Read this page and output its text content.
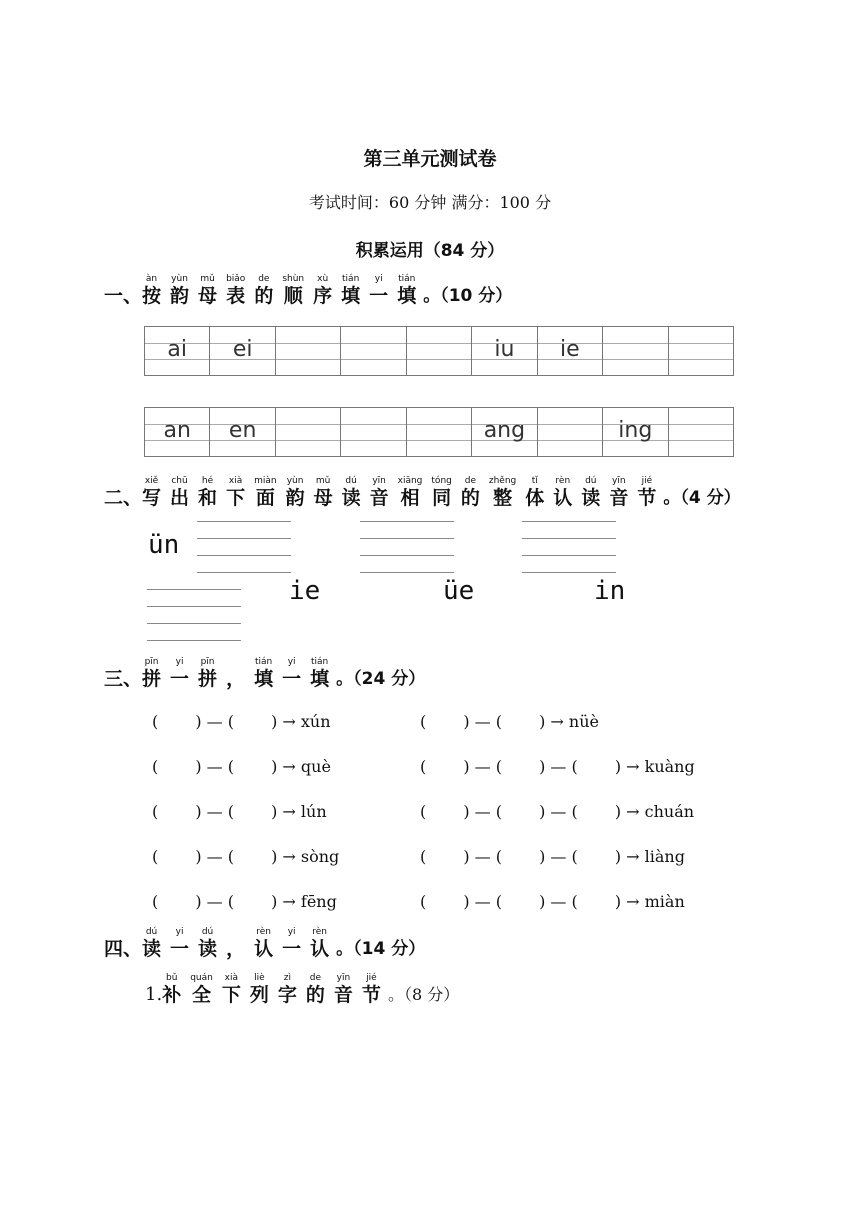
第三单元测试卷
考试时间：60 分钟 满分：100 分
积累运用（84 分）
一、
àn
按
yùn
韵
mǔ
母
biǎo
表
de
的
shùn
顺
xù
序
tián
填
yi
一
tián
填 。（10 分）
ai	ei	iu	ie
an	en	ang	ing
二、
xiě
写
chū
出
hé
和
xià
下
miàn
面
yùn
韵
mǔ
母
dú
读
yīn
音
xiāng
相
tóng
同
de
的
zhěng
整
tǐ
体
rèn
认
dú
读
yīn
音
jié
节 。（4 分）
ün
ie	üe	in
三、
pīn
拼
yi
一
pīn
拼 ，
tián
填
yi
一
tián
填 。（24 分）
(　　 ) — (　　 ) → xún	(　　 ) — (　　 ) → nüè
(　　 ) — (　　 ) → què	(　　 ) — (　　 ) — (　　 ) → kuàng
(　　 ) — (　　 ) → lún	(　　 ) — (　　 ) — (　　 ) → chuán
(　　 ) — (　　 ) → sòng	(　　 ) — (　　 ) — (　　 ) → liàng
(　　 ) — (　　 ) → fēng	(　　 ) — (　　 ) — (　　 ) → miàn
四、
dú
读
yi
一
dú
读 ，
rèn
认
yi
一
rèn
认 。（14 分）
1.
bǔ
补
quán
全
xià
下
liè
列
zì
字
de
的
yīn
音
jié
节 。（8 分）
